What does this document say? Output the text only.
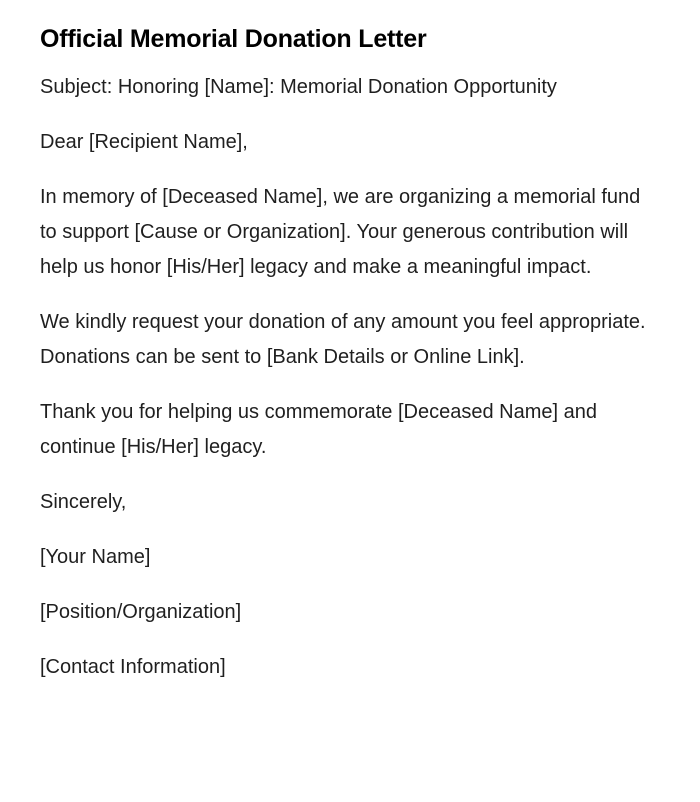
Official Memorial Donation Letter

Subject: Honoring [Name]: Memorial Donation Opportunity

Dear [Recipient Name],

In memory of [Deceased Name], we are organizing a memorial fund to support [Cause or Organization]. Your generous contribution will help us honor [His/Her] legacy and make a meaningful impact.

We kindly request your donation of any amount you feel appropriate. Donations can be sent to [Bank Details or Online Link].

Thank you for helping us commemorate [Deceased Name] and continue [His/Her] legacy.

Sincerely,

[Your Name]

[Position/Organization]

[Contact Information]
